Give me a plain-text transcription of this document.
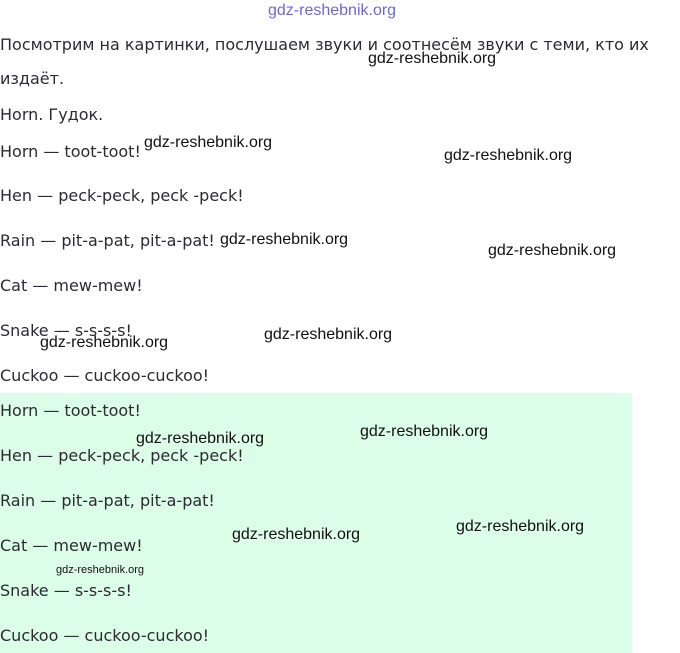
gdz-reshebnik.org
Посмотрим на картинки, послушаем звуки и соотнесём звуки с теми, кто их
издаёт.
Horn. Гудок.
Horn — toot-toot!
Hen — peck-peck, peck -peck!
Rain — pit-a-pat, pit-a-pat!
Cat — mew-mew!
Snake — s-s-s-s!
Cuckoo — cuckoo-cuckoo!
Horn — toot-toot!
Hen — peck-peck, peck -peck!
Rain — pit-a-pat, pit-a-pat!
Cat — mew-mew!
Snake — s-s-s-s!
Cuckoo — cuckoo-cuckoo!
gdz-reshebnik.org
gdz-reshebnik.org
gdz-reshebnik.org
gdz-reshebnik.org
gdz-reshebnik.org
gdz-reshebnik.org
gdz-reshebnik.org
gdz-reshebnik.org
gdz-reshebnik.org
gdz-reshebnik.org
gdz-reshebnik.org
gdz-reshebnik.org
